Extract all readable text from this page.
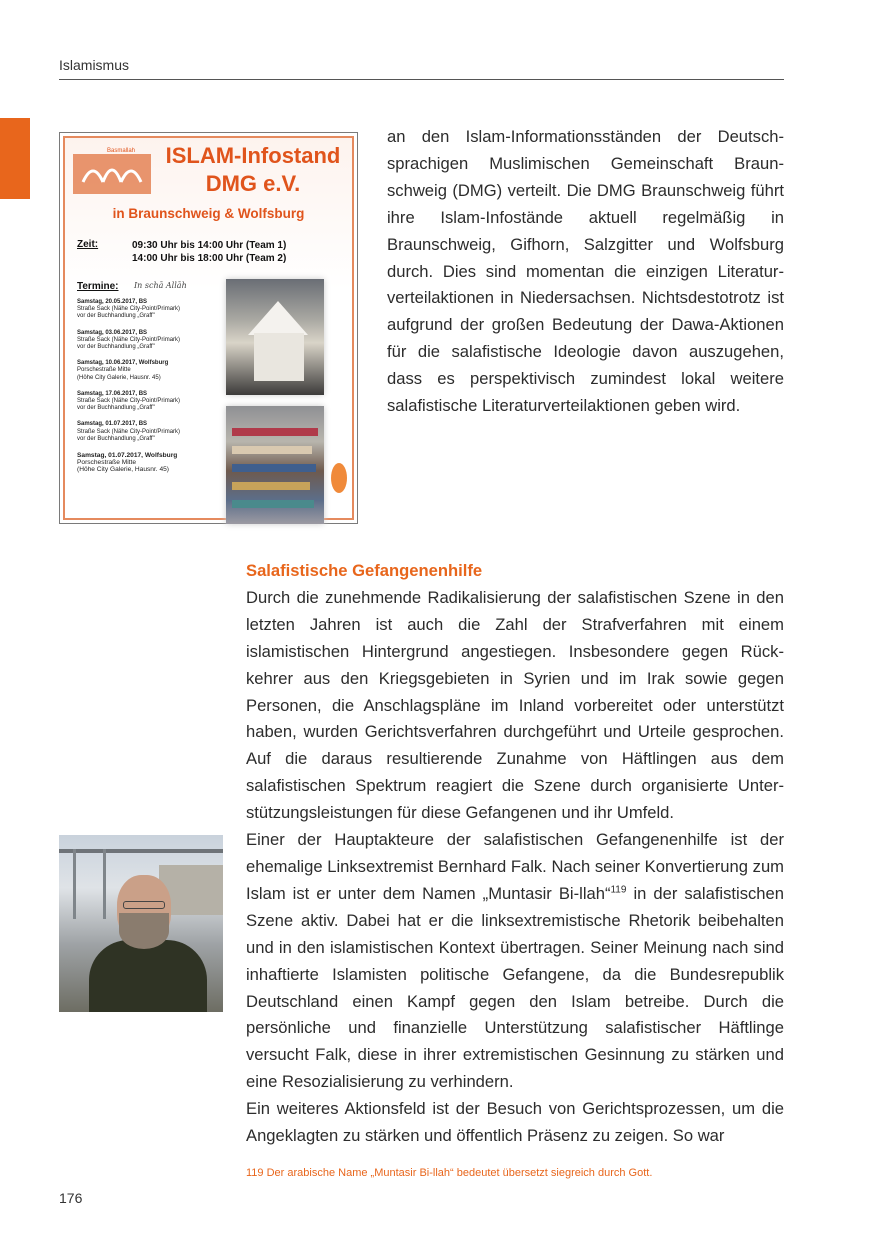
Islamismus
Basmallah	ISLAM-Infostand
DMG e.V.
in Braunschweig & Wolfsburg
Zeit:	09:30 Uhr bis 14:00 Uhr (Team 1)
14:00 Uhr bis 18:00 Uhr (Team 2)
Termine: In schā Allāh
Samstag, 20.05.2017, BS
Straße Sack (Nähe City-Point/Primark)
vor der Buchhandlung „Graff"
Samstag, 03.06.2017, BS
Straße Sack (Nähe City-Point/Primark)
vor der Buchhandlung „Graff"
Samstag, 10.06.2017, Wolfsburg
Porschestraße Mitte
(Höhe City Galerie, Hausnr. 45)
Samstag, 17.06.2017, BS
Straße Sack (Nähe City-Point/Primark)
vor der Buchhandlung „Graff"
Samstag, 01.07.2017, BS
Straße Sack (Nähe City-Point/Primark)
vor der Buchhandlung „Graff"
Samstag, 01.07.2017, Wolfsburg
Porschestraße Mitte
(Höhe City Galerie, Hausnr. 45)

an den Islam-Informationsständen der Deutschsprachigen Muslimischen Gemeinschaft Braunschweig (DMG) verteilt. Die DMG Braunschweig führt ihre Islam-Infostände aktuell regelmäßig in Braunschweig, Gifhorn, Salzgitter und Wolfsburg durch. Dies sind momentan die einzigen Literaturverteilaktionen in Niedersachsen. Nichtsdestotrotz ist aufgrund der großen Bedeutung der Dawa-Aktionen für die salafistische Ideologie davon auszugehen, dass es perspektivisch zumindest lokal weitere salafistische Literaturverteilaktionen geben wird.

Salafistische Gefangenenhilfe

Durch die zunehmende Radikalisierung der salafistischen Szene in den letzten Jahren ist auch die Zahl der Strafverfahren mit einem islamistischen Hintergrund angestiegen. Insbesondere gegen Rückkehrer aus den Kriegsgebieten in Syrien und im Irak sowie gegen Personen, die Anschlagspläne im Inland vorbereitet oder unterstützt haben, wurden Gerichtsverfahren durchgeführt und Urteile gesprochen. Auf die daraus resultierende Zunahme von Häftlingen aus dem salafistischen Spektrum reagiert die Szene durch organisierte Unterstützungsleistungen für diese Gefangenen und ihr Umfeld.

Einer der Hauptakteure der salafistischen Gefangenenhilfe ist der ehemalige Linksextremist Bernhard Falk. Nach seiner Konvertierung zum Islam ist er unter dem Namen „Muntasir Bi-llah“$^{119}$ in der salafistischen Szene aktiv. Dabei hat er die linksextremistische Rhetorik beibehalten und in den islamistischen Kontext übertragen. Seiner Meinung nach sind inhaftierte Islamisten politische Gefangene, da die Bundesrepublik Deutschland einen Kampf gegen den Islam betreibe. Durch die persönliche und finanzielle Unterstützung salafistischer Häftlinge versucht Falk, diese in ihrer extremistischen Gesinnung zu stärken und eine Resozialisierung zu verhindern.

Ein weiteres Aktionsfeld ist der Besuch von Gerichtsprozessen, um die Angeklagten zu stärken und öffentlich Präsenz zu zeigen. So war

119 Der arabische Name „Muntasir Bi-llah“ bedeutet übersetzt siegreich durch Gott.
176
